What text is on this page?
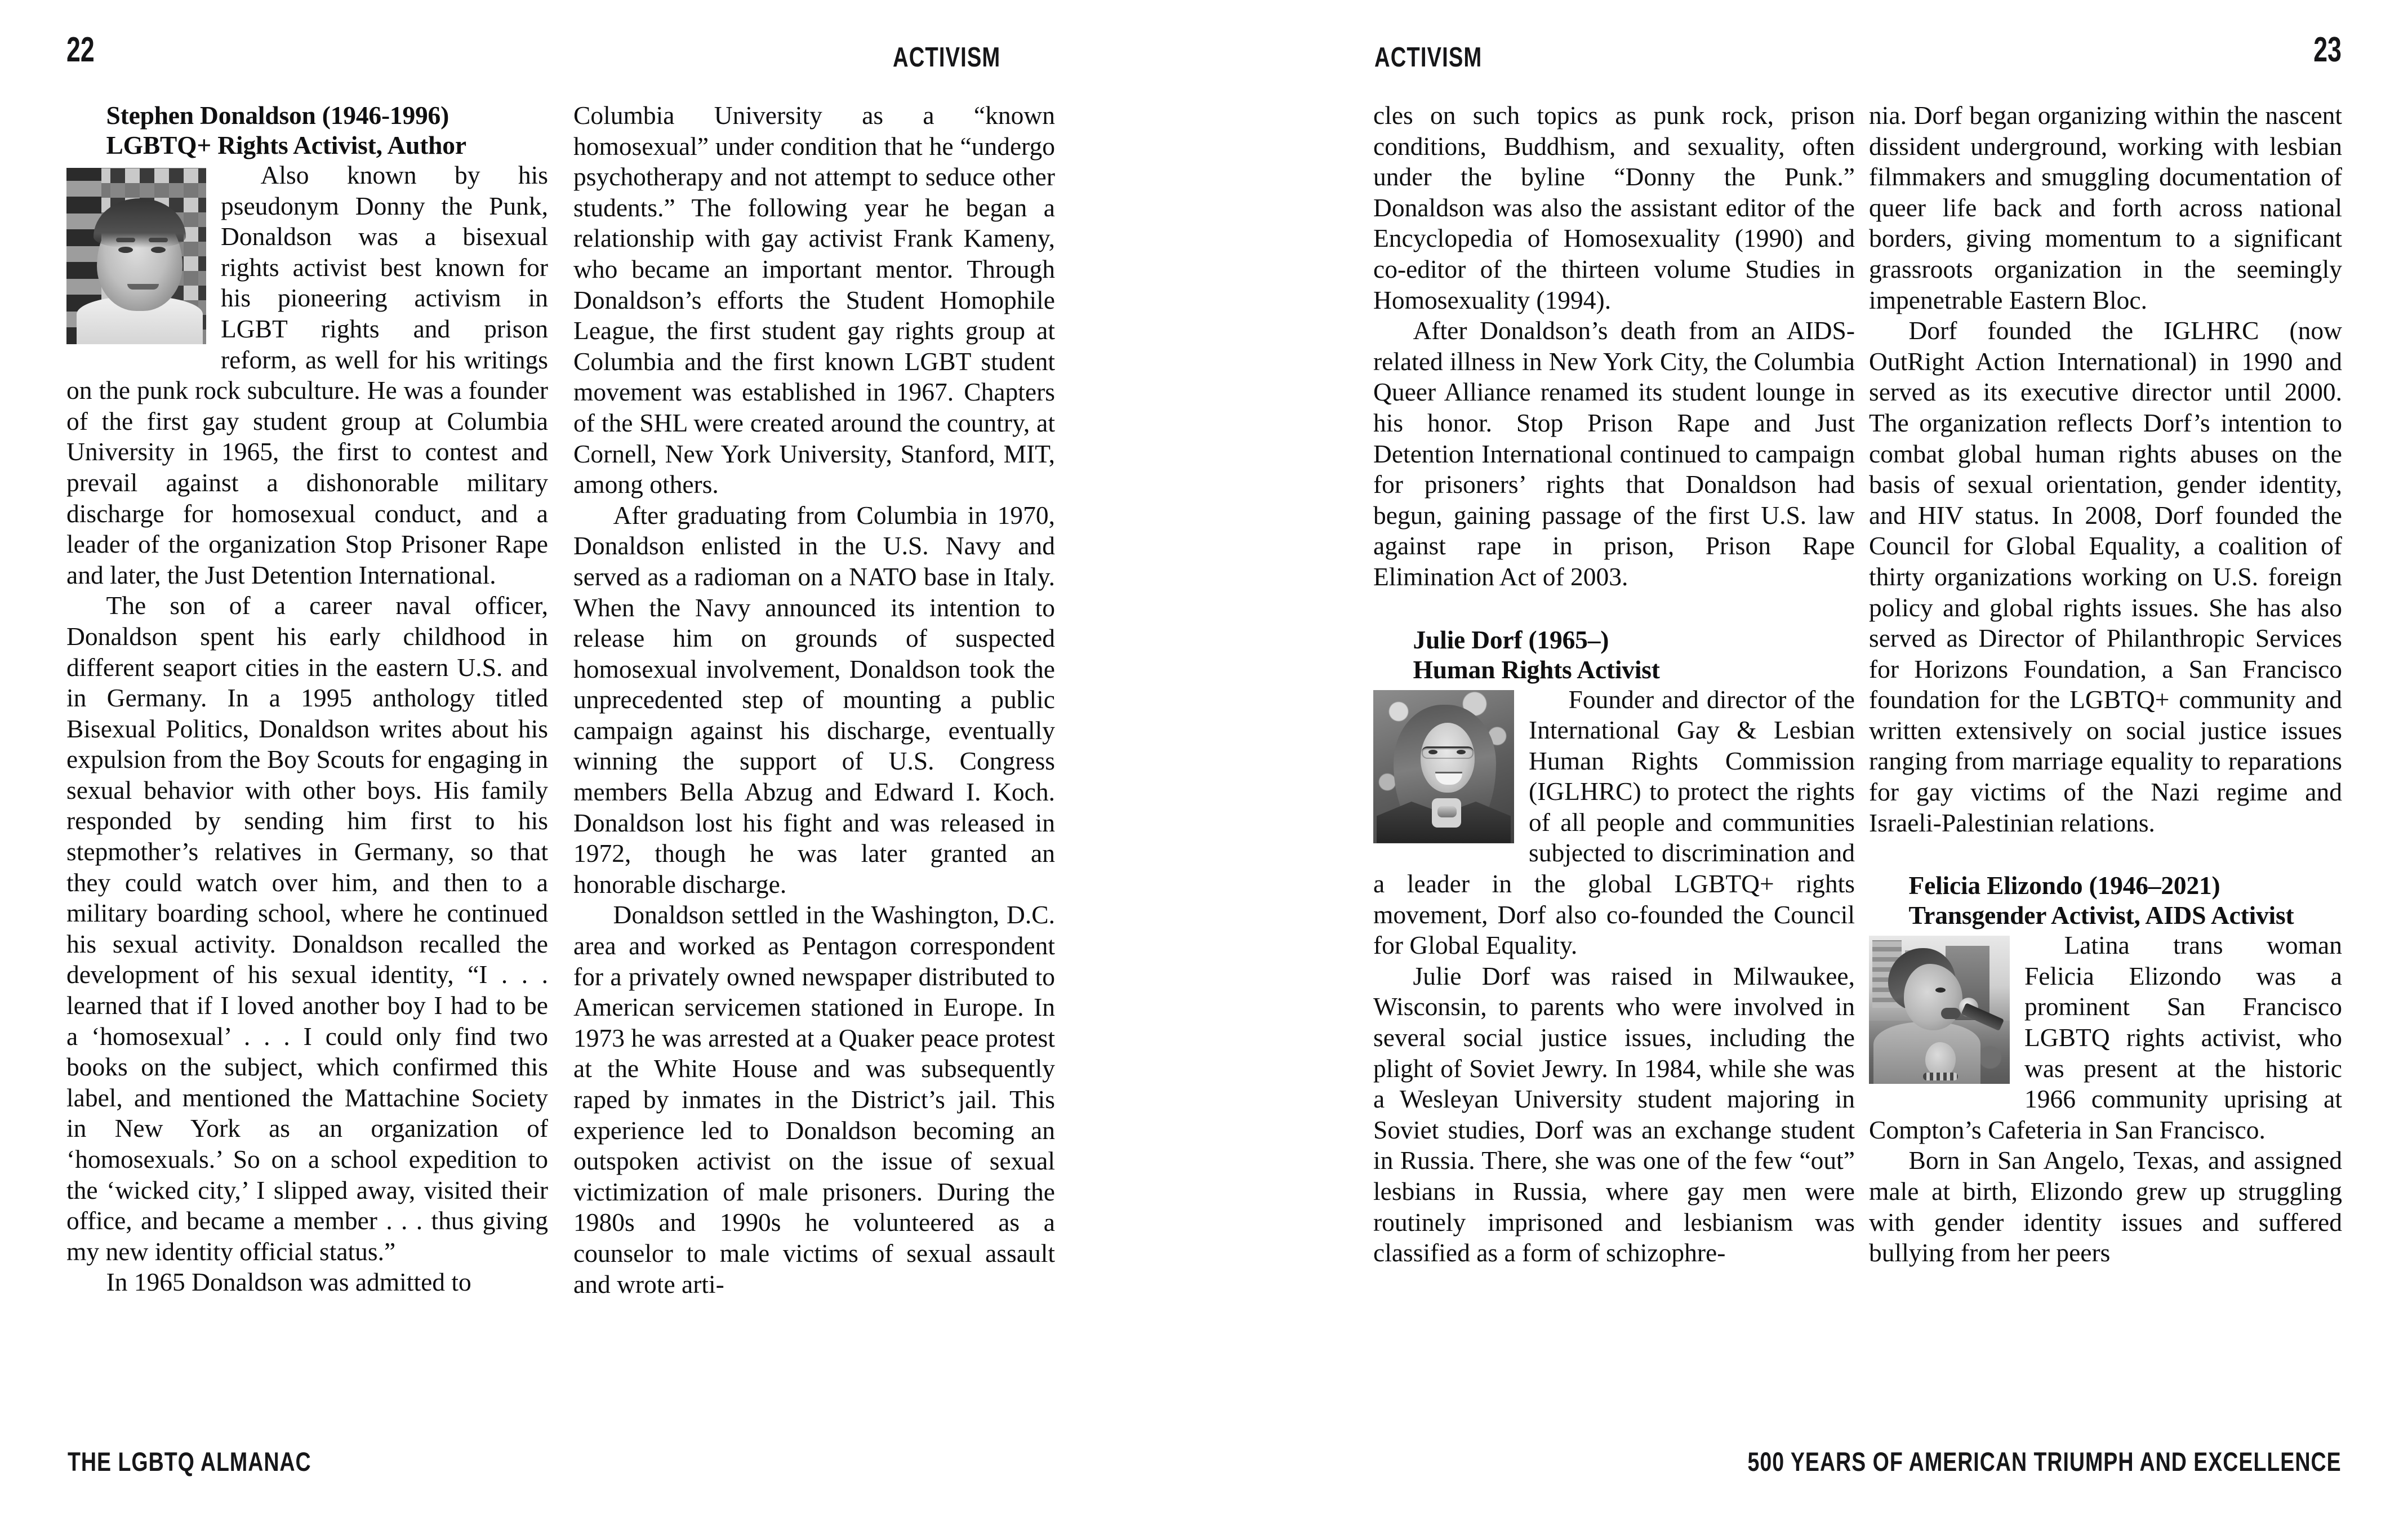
22	ACTIVISM	ACTIVISM	23

Stephen Donaldson (1946-1996)

LGBTQ+ Rights Activist, Author

Also known by his pseudonym Donny the Punk, Donaldson was a bisexual rights activist best known for his pioneering activism in LGBT rights and prison reform, as well for his writings on the punk rock subculture. He was a founder of the first gay student group at Columbia University in 1965, the first to contest and prevail against a dishonorable military discharge for homosexual conduct, and a leader of the organization Stop Prisoner Rape and later, the Just Detention International.

The son of a career naval officer, Donaldson spent his early childhood in different seaport cities in the eastern U.S. and in Germany. In a 1995 anthology titled Bisexual Politics, Donaldson writes about his expulsion from the Boy Scouts for engaging in sexual behavior with other boys. His family responded by sending him first to his stepmother’s relatives in Germany, so that they could watch over him, and then to a military boarding school, where he continued his sexual activity. Donaldson recalled the development of his sexual identity, “I . . . learned that if I loved another boy I had to be a ‘homosexual’ . . . I could only find two books on the subject, which confirmed this label, and mentioned the Mattachine Society in New York as an organization of ‘homosexuals.’ So on a school expedition to the ‘wicked city,’ I slipped away, visited their office, and became a member . . . thus giving my new identity official status.”

In 1965 Donaldson was admitted to

Columbia University as a “known homosexual” under condition that he “undergo psychotherapy and not attempt to seduce other students.” The following year he began a relationship with gay activist Frank Kameny, who became an important mentor. Through Donaldson’s efforts the Student Homophile League, the first student gay rights group at Columbia and the first known LGBT student movement was established in 1967. Chapters of the SHL were created around the country, at Cornell, New York University, Stanford, MIT, among others.

After graduating from Columbia in 1970, Donaldson enlisted in the U.S. Navy and served as a radioman on a NATO base in Italy. When the Navy announced its intention to release him on grounds of suspected homosexual involvement, Donaldson took the unprecedented step of mounting a public campaign against his discharge, eventually winning the support of U.S. Congress members Bella Abzug and Edward I. Koch. Donaldson lost his fight and was released in 1972, though he was later granted an honorable discharge.

Donaldson settled in the Washington, D.C. area and worked as Pentagon correspondent for a privately owned newspaper distributed to American servicemen stationed in Europe. In 1973 he was arrested at a Quaker peace protest at the White House and was subsequently raped by inmates in the District’s jail. This experience led to Donaldson becoming an outspoken activist on the issue of sexual victimization of male prisoners. During the 1980s and 1990s he volunteered as a counselor to male victims of sexual assault and wrote arti-

cles on such topics as punk rock, prison conditions, Buddhism, and sexuality, often under the byline “Donny the Punk.” Donaldson was also the assistant editor of the Encyclopedia of Homosexuality (1990) and co-editor of the thirteen volume Studies in Homosexuality (1994).

After Donaldson’s death from an AIDS-related illness in New York City, the Columbia Queer Alliance renamed its student lounge in his honor. Stop Prison Rape and Just Detention International continued to campaign for prisoners’ rights that Donaldson had begun, gaining passage of the first U.S. law against rape in prison, Prison Rape Elimination Act of 2003.

Julie Dorf (1965–)

Human Rights Activist

Founder and director of the International Gay & Lesbian Human Rights Commission (IGLHRC) to protect the rights of all people and communities subjected to discrimination and a leader in the global LGBTQ+ rights movement, Dorf also co-founded the Council for Global Equality.

Julie Dorf was raised in Milwaukee, Wisconsin, to parents who were involved in several social justice issues, including the plight of Soviet Jewry. In 1984, while she was a Wesleyan University student majoring in Soviet studies, Dorf was an exchange student in Russia. There, she was one of the few “out” lesbians in Russia, where gay men were routinely imprisoned and lesbianism was classified as a form of schizophre-

nia. Dorf began organizing within the nascent dissident underground, working with lesbian filmmakers and smuggling documentation of queer life back and forth across national borders, giving momentum to a significant grassroots organization in the seemingly impenetrable Eastern Bloc.

Dorf founded the IGLHRC (now OutRight Action International) in 1990 and served as its executive director until 2000. The organization reflects Dorf’s intention to combat global human rights abuses on the basis of sexual orientation, gender identity, and HIV status. In 2008, Dorf founded the Council for Global Equality, a coalition of thirty organizations working on U.S. foreign policy and global rights issues. She has also served as Director of Philanthropic Services for Horizons Foundation, a San Francisco foundation for the LGBTQ+ community and written extensively on social justice issues ranging from marriage equality to reparations for gay victims of the Nazi regime and Israeli-Palestinian relations.

Felicia Elizondo (1946–2021)

Transgender Activist, AIDS Activist

Latina trans woman Felicia Elizondo was a prominent San Francisco LGBTQ rights activist, who was present at the historic 1966 community uprising at Compton’s Cafeteria in San Francisco.

Born in San Angelo, Texas, and assigned male at birth, Elizondo grew up struggling with gender identity issues and suffered bullying from her peers

THE LGBTQ ALMANAC	500 YEARS OF AMERICAN TRIUMPH AND EXCELLENCE
